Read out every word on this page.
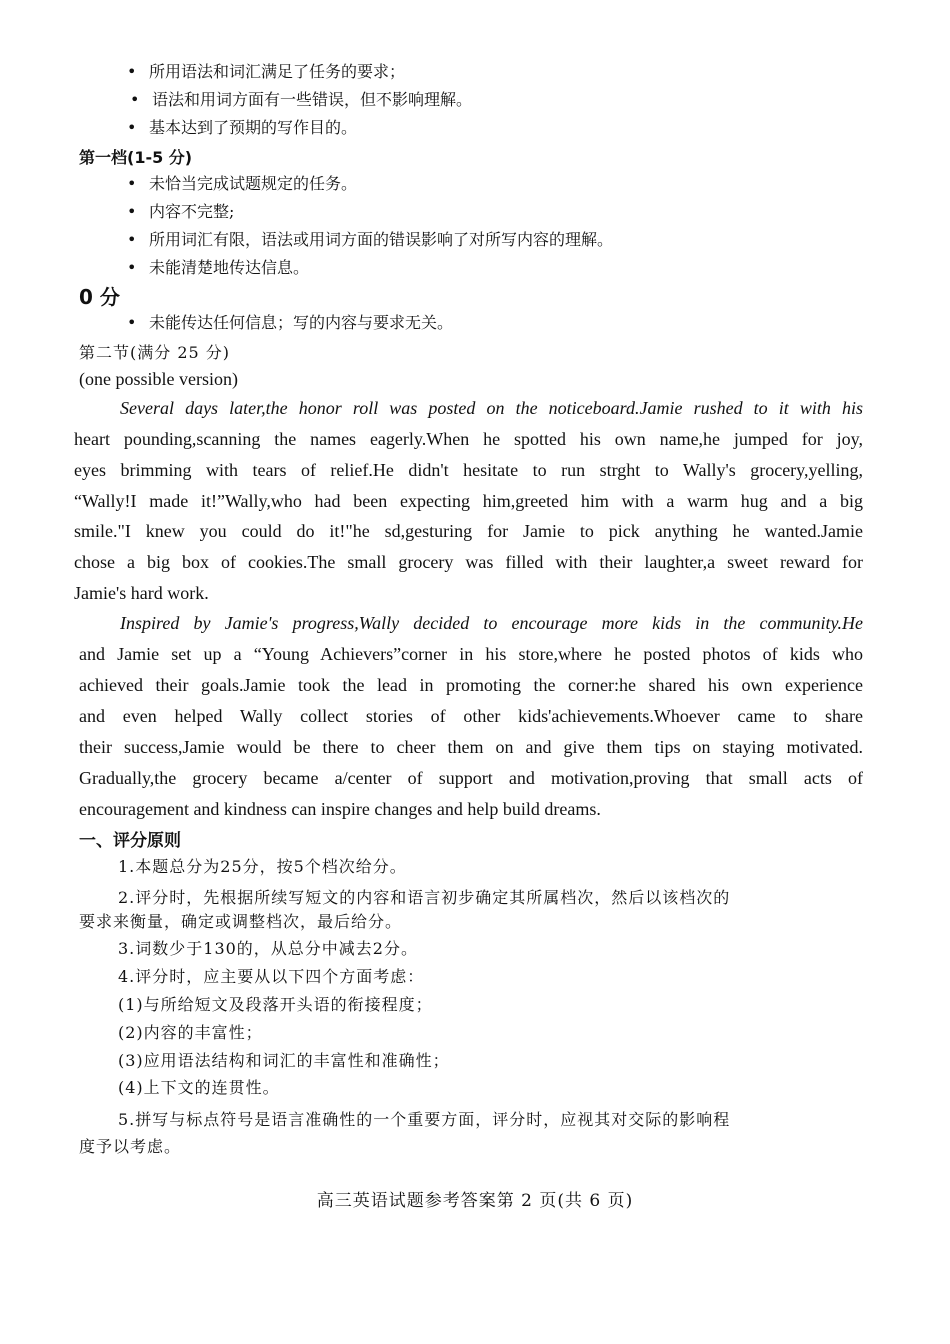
• 所用语法和词汇满足了任务的要求；
• 语法和用词方面有一些错误，但不影响理解。
• 基本达到了预期的写作目的。
第一档(1-5 分)
• 未恰当完成试题规定的任务。
• 内容不完整;
• 所用词汇有限，语法或用词方面的错误影响了对所写内容的理解。
• 未能清楚地传达信息。
0 分
• 未能传达任何信息；写的内容与要求无关。
第二节(满分 25 分)
(one possible version)
Several days later,the honor roll was posted on the noticeboard.Jamie rushed to it with his
heart pounding,scanning the names eagerly.When he spotted his own name,he jumped for joy,
eyes brimming with tears of relief.He didn't hesitate to run strght to Wally's grocery,yelling,
“Wally!I made it!”Wally,who had been expecting him,greeted him with a warm hug and a big
smile."I knew you could do it!"he sd,gesturing for Jamie to pick anything he wanted.Jamie
chose a big box of cookies.The small grocery was filled with their laughter,a sweet reward for
Jamie's hard work.
Inspired by Jamie's progress,Wally decided to encourage more kids in the community.He
and Jamie set up a “Young Achievers”corner in his store,where he posted photos of kids who
achieved their goals.Jamie took the lead in promoting the corner:he shared his own experience
and even helped Wally collect stories of other kids'achievements.Whoever came to share
their success,Jamie would be there to cheer them on and give them tips on staying motivated.
Gradually,the grocery became a/center of support and motivation,proving that small acts of
encouragement and kindness can inspire changes and help build dreams.
一、评分原则
1.本题总分为25分，按5个档次给分。
2.评分时，先根据所续写短文的内容和语言初步确定其所属档次，然后以该档次的
要求来衡量，确定或调整档次，最后给分。
3.词数少于130的，从总分中减去2分。
4.评分时，应主要从以下四个方面考虑：
(1)与所给短文及段落开头语的衔接程度；
(2)内容的丰富性；
(3)应用语法结构和词汇的丰富性和准确性；
(4)上下文的连贯性。
5.拼写与标点符号是语言准确性的一个重要方面，评分时，应视其对交际的影响程
度予以考虑。
高三英语试题参考答案第 2 页(共 6 页)
